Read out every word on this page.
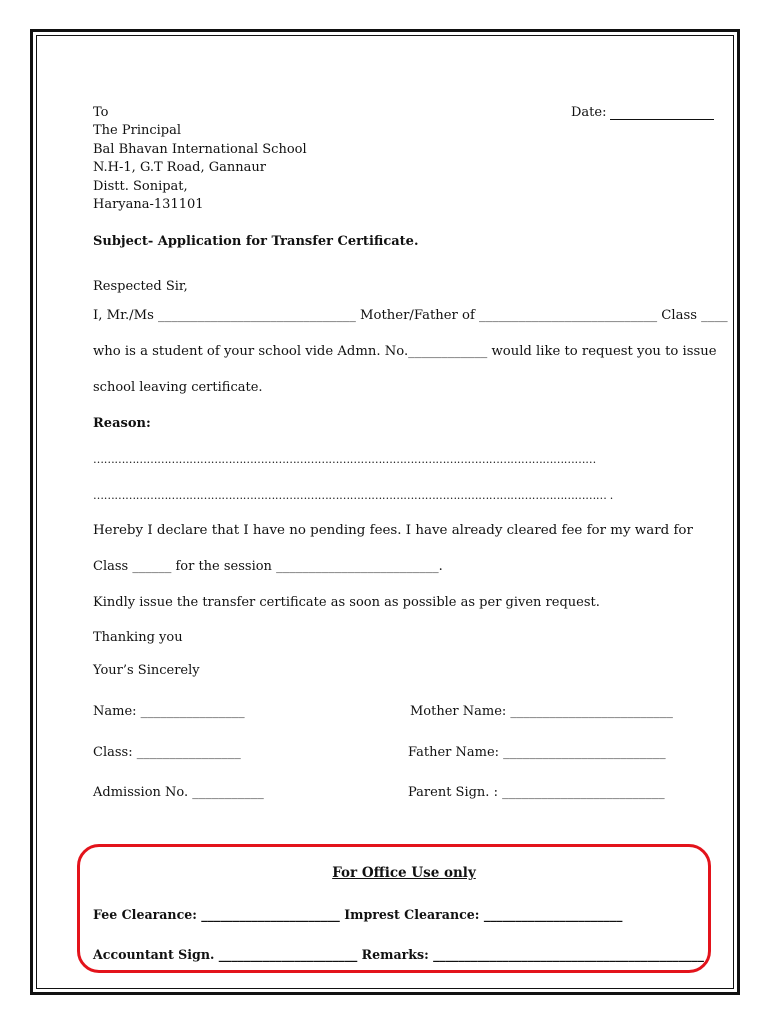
To	Date:
The Principal
Bal Bhavan International School
N.H-1, G.T Road, Gannaur
Distt. Sonipat,
Haryana-131101
Subject- Application for Transfer Certificate.
Respected Sir,
I, Mr./Ms ______________________________ Mother/Father of ___________________________ Class ____
who is a student of your school vide Admn. No.____________ would like to request you to issue
school leaving certificate.
Reason:
……………………………………………………………………………………………………………………………
……………………………………………………………………………………………………………………………… .
Hereby I declare that I have no pending fees. I have already cleared fee for my ward for
Class ______ for the session _________________________.
Kindly issue the transfer certificate as soon as possible as per given request.
Thanking you
Your’s Sincerely
Name: ________________
Class: ________________
Admission No. ___________
Mother Name: _________________________
Father Name: _________________________
Parent Sign. : _________________________
For Office Use only
Fee Clearance: ______________________ Imprest Clearance: ______________________
Accountant Sign. ______________________ Remarks: ___________________________________________
